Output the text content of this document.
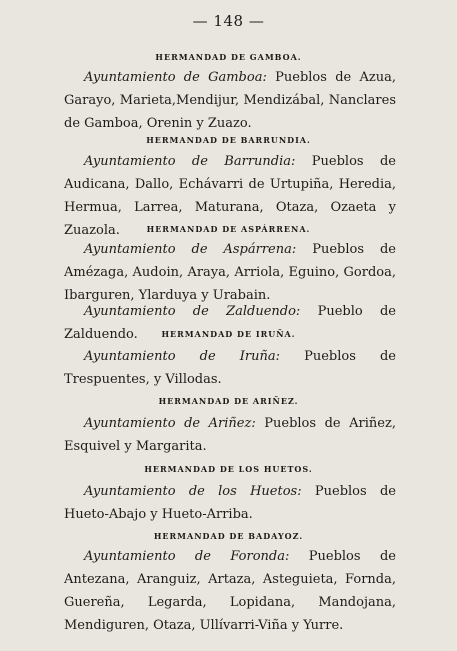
— 148 —
HERMANDAD DE GAMBOA.
Ayuntamiento de Gamboa: Pueblos de Azua, Garayo, Marieta,Mendijur, Mendizábal, Nanclares de Gamboa, Orenin y Zuazo.
HERMANDAD DE BARRUNDIA.
Ayuntamiento de Barrundia: Pueblos de Audicana, Dallo, Echávarri de Urtupiña, Heredia, Hermua, Larrea, Maturana, Otaza, Ozaeta y Zuazola.	HERMANDAD DE ASPÁRRENA.
Ayuntamiento de Aspárrena: Pueblos de Amézaga, Audoin, Araya, Arriola, Eguino, Gordoa, Ibarguren, Ylarduya y Urabain.
Ayuntamiento de Zalduendo: Pueblo de Zalduendo.	HERMANDAD DE IRUÑA.
Ayuntamiento de Iruña: Pueblos de Trespuentes, y Villodas.
HERMANDAD DE ARIÑEZ.
Ayuntamiento de Ariñez: Pueblos de Ariñez, Esquivel y Margarita.
HERMANDAD DE LOS HUETOS.
Ayuntamiento de los Huetos: Pueblos de Hueto-Abajo y Hueto-Arriba.
HERMANDAD DE BADAYOZ.
Ayuntamiento de Foronda: Pueblos de Antezana, Aranguiz, Artaza, Asteguieta, Fornda, Guereña, Legarda, Lopidana, Mandojana, Mendiguren, Otaza, Ullívarri-Viña y Yurre.
